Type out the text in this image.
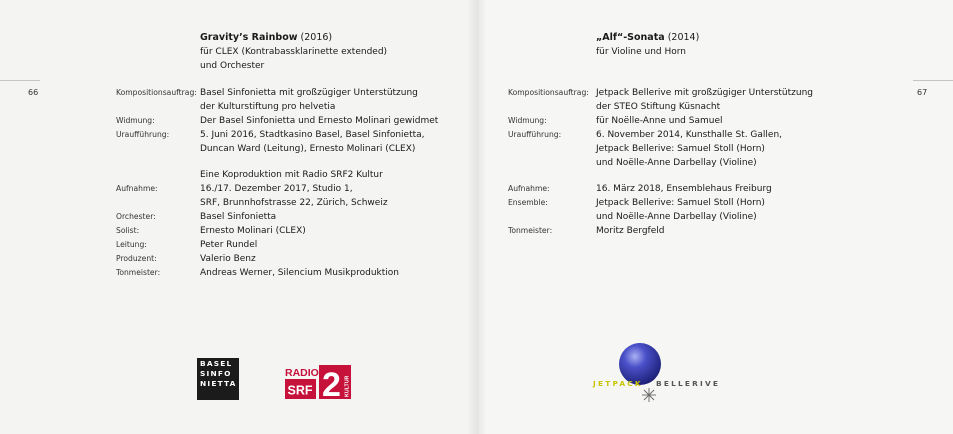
66
Gravity’s Rainbow (2016)
für CLEX (Kontrabassklarinette extended)
und Orchester
Kompositionsauftrag: Basel Sinfonietta mit großzügiger Unterstützung
der Kulturstiftung pro helvetia
Widmung:	Der Basel Sinfonietta und Ernesto Molinari gewidmet
Uraufführung:	5. Juni 2016, Stadtkasino Basel, Basel Sinfonietta,
Duncan Ward (Leitung), Ernesto Molinari (CLEX)
Eine Koproduktion mit Radio SRF2 Kultur
Aufnahme:	16./17. Dezember 2017, Studio 1,
SRF, Brunnhofstrasse 22, Zürich, Schweiz
Orchester:	Basel Sinfonietta
Solist:	Ernesto Molinari (CLEX)
Leitung:	Peter Rundel
Produzent:	Valerio Benz
Tonmeister:	Andreas Werner, Silencium Musikproduktion
BASEL
SINFO
NIETTA
RADIO
SRF 2 KULTUR
67
„Alf“-Sonata (2014)
für Violine und Horn
Kompositionsauftrag: Jetpack Bellerive mit großzügiger Unterstützung
der STEO Stiftung Küsnacht
Widmung:	für Noëlle-Anne und Samuel
Uraufführung:	6. November 2014, Kunsthalle St. Gallen,
Jetpack Bellerive: Samuel Stoll (Horn)
und Noëlle-Anne Darbellay (Violine)
Aufnahme:	16. März 2018, Ensemblehaus Freiburg
Ensemble:	Jetpack Bellerive: Samuel Stoll (Horn)
und Noëlle-Anne Darbellay (Violine)
Tonmeister:	Moritz Bergfeld
JETPACK BELLERIVE
